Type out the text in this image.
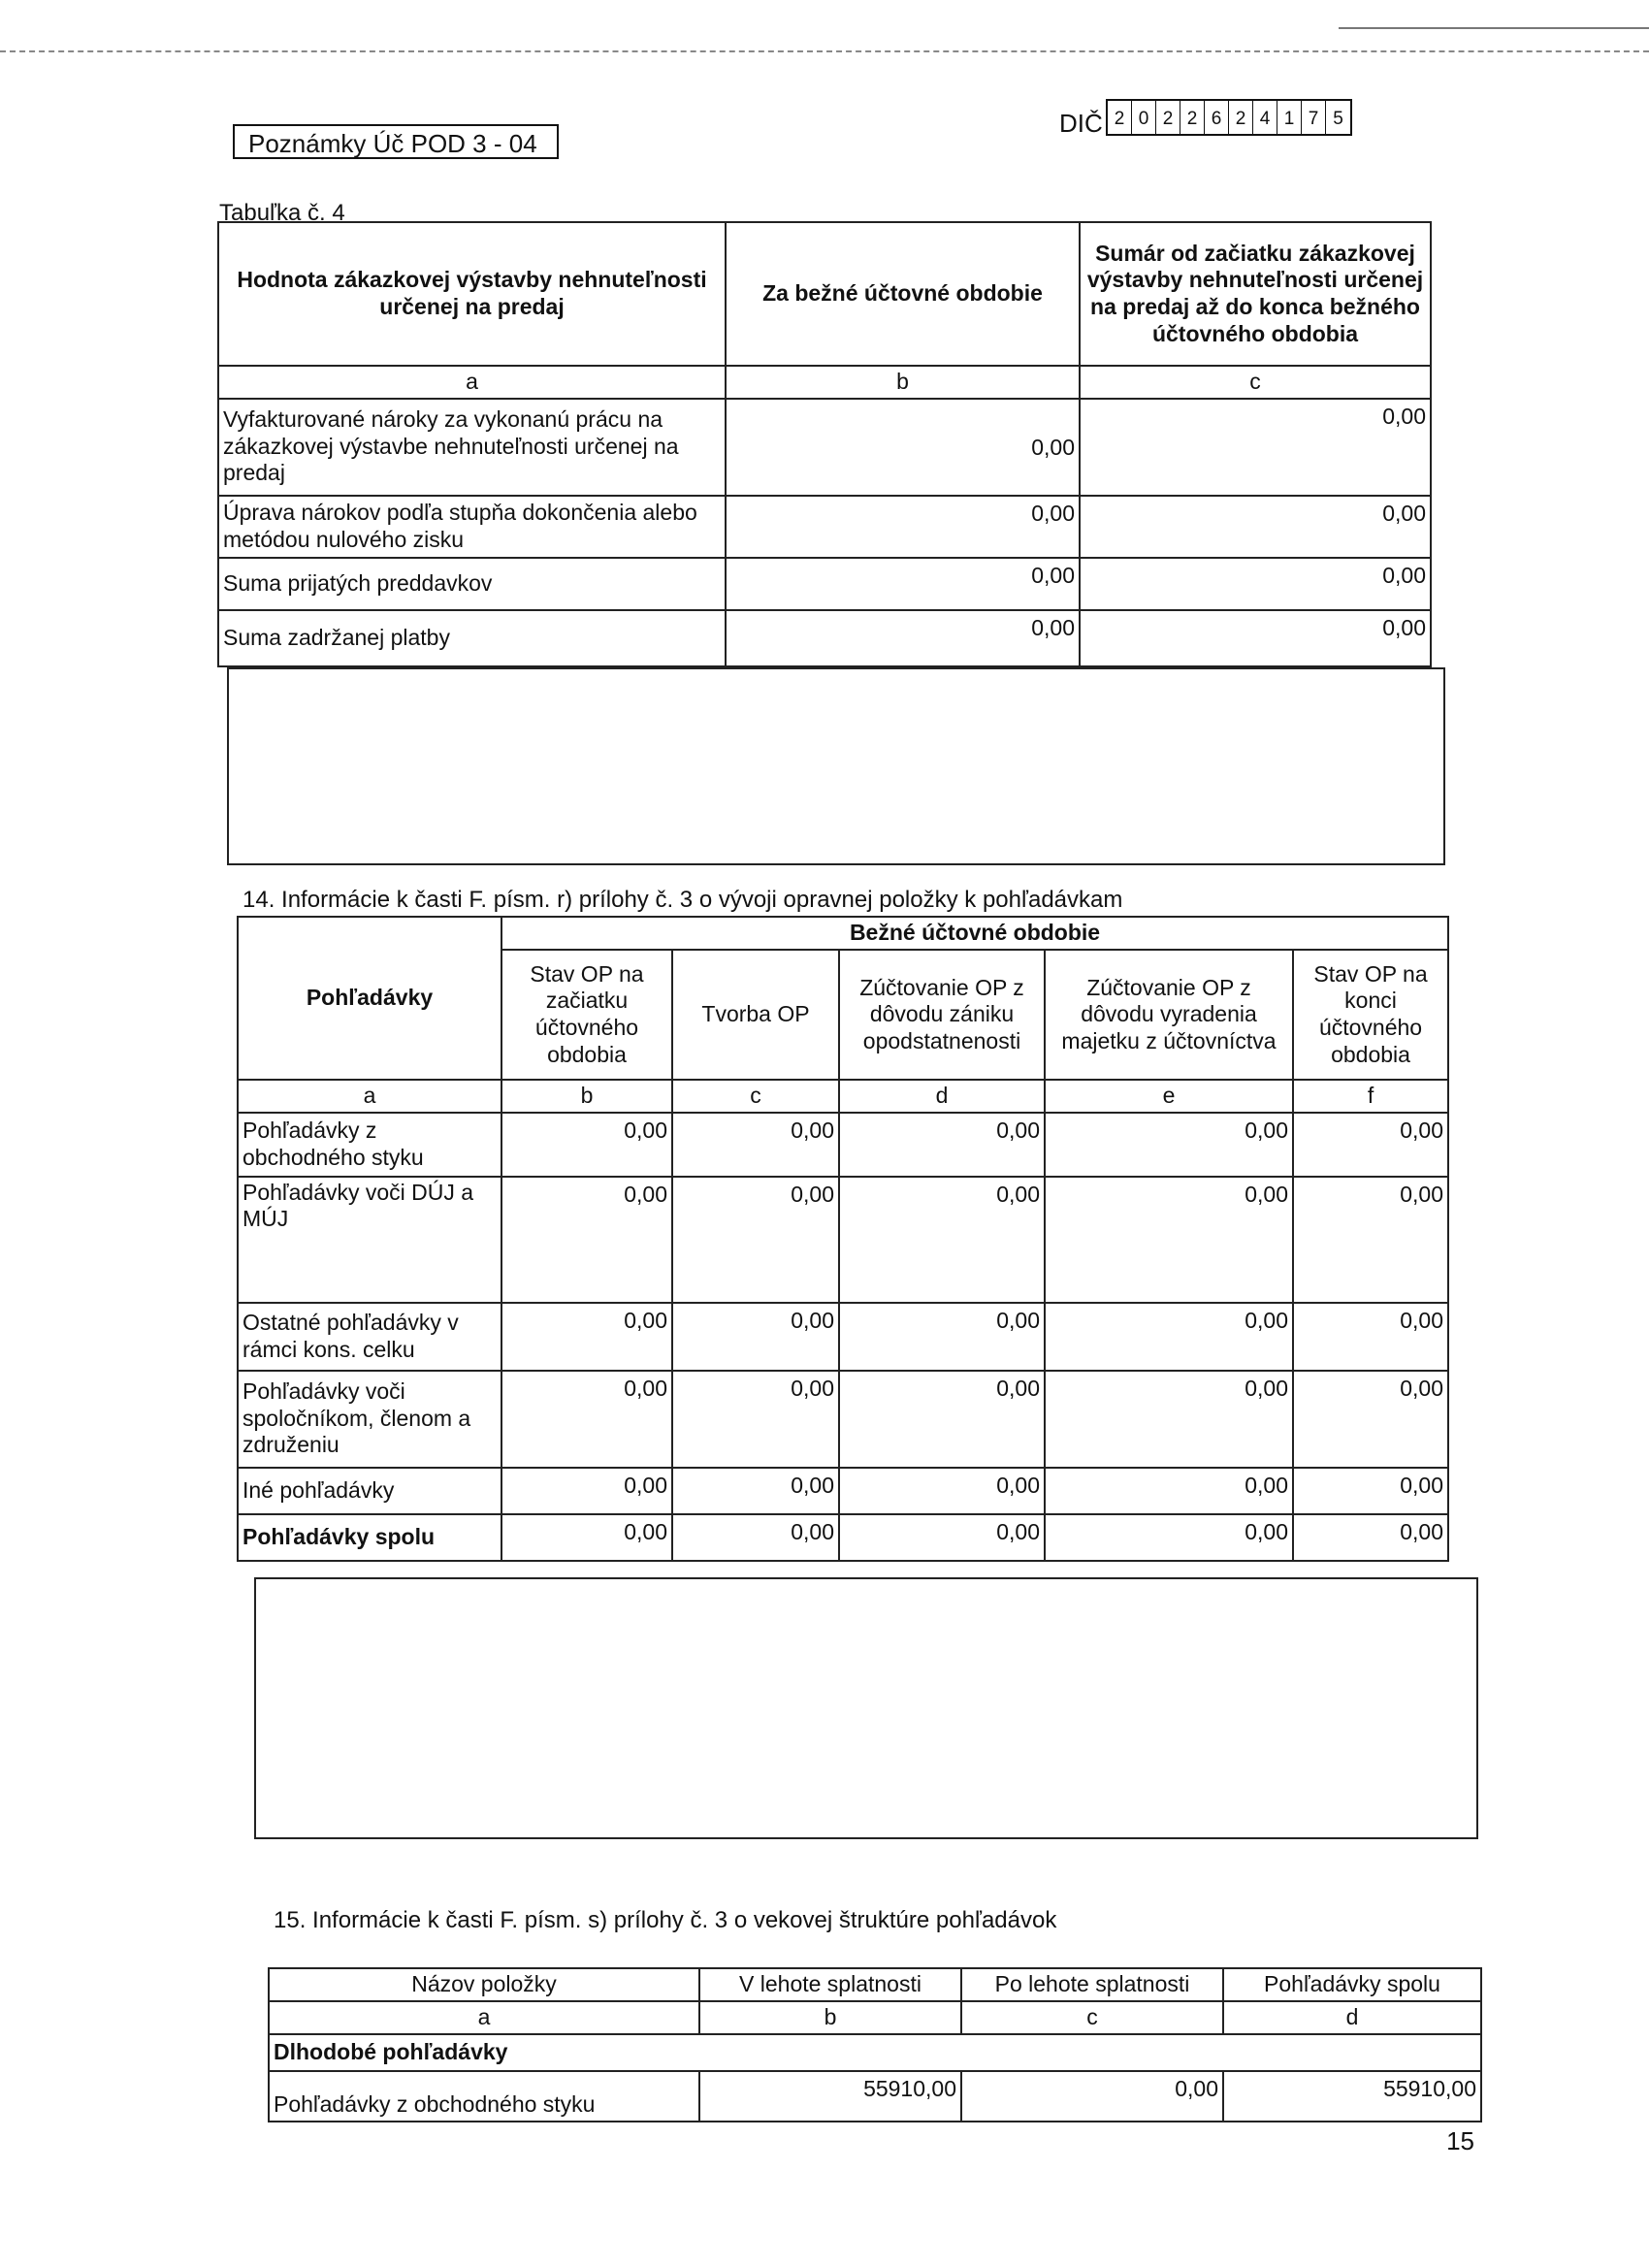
Poznámky Úč POD 3 - 04
DIČ 2 0 2 2 6 2 4 1 7 5
Tabuľka č. 4
Hodnota zákazkovej výstavby nehnuteľnosti určenej na predaj	Za bežné účtovné obdobie	Sumár od začiatku zákazkovej výstavby nehnuteľnosti určenej na predaj až do konca bežného účtovného obdobia
a	b	c
Vyfakturované nároky za vykonanú prácu na zákazkovej výstavbe nehnuteľnosti určenej na predaj	0,00	0,00
Úprava nárokov podľa stupňa dokončenia alebo metódou nulového zisku	0,00	0,00
Suma prijatých preddavkov	0,00	0,00
Suma zadržanej platby	0,00	0,00
14. Informácie k časti F. písm. r) prílohy č. 3 o vývoji opravnej položky k pohľadávkam
Pohľadávky	Bežné účtovné obdobie				
	Stav OP na začiatku účtovného obdobia	Tvorba OP	Zúčtovanie OP z dôvodu zániku opodstatnenosti	Zúčtovanie OP z dôvodu vyradenia majetku z účtovníctva	Stav OP na konci účtovného obdobia
a	b	c	d	e	f
Pohľadávky z obchodného styku	0,00	0,00	0,00	0,00	0,00
Pohľadávky voči DÚJ a MÚJ	0,00	0,00	0,00	0,00	0,00
Ostatné pohľadávky v rámci kons. celku	0,00	0,00	0,00	0,00	0,00
Pohľadávky voči spoločníkom, členom a združeniu	0,00	0,00	0,00	0,00	0,00
Iné pohľadávky	0,00	0,00	0,00	0,00	0,00
Pohľadávky spolu	0,00	0,00	0,00	0,00	0,00
15. Informácie k časti F. písm. s) prílohy č. 3 o vekovej štruktúre pohľadávok
Názov položky	V lehote splatnosti	Po lehote splatnosti	Pohľadávky spolu
a	b	c	d
Dlhodobé pohľadávky			
Pohľadávky z obchodného styku	55910,00	0,00	55910,00
15
